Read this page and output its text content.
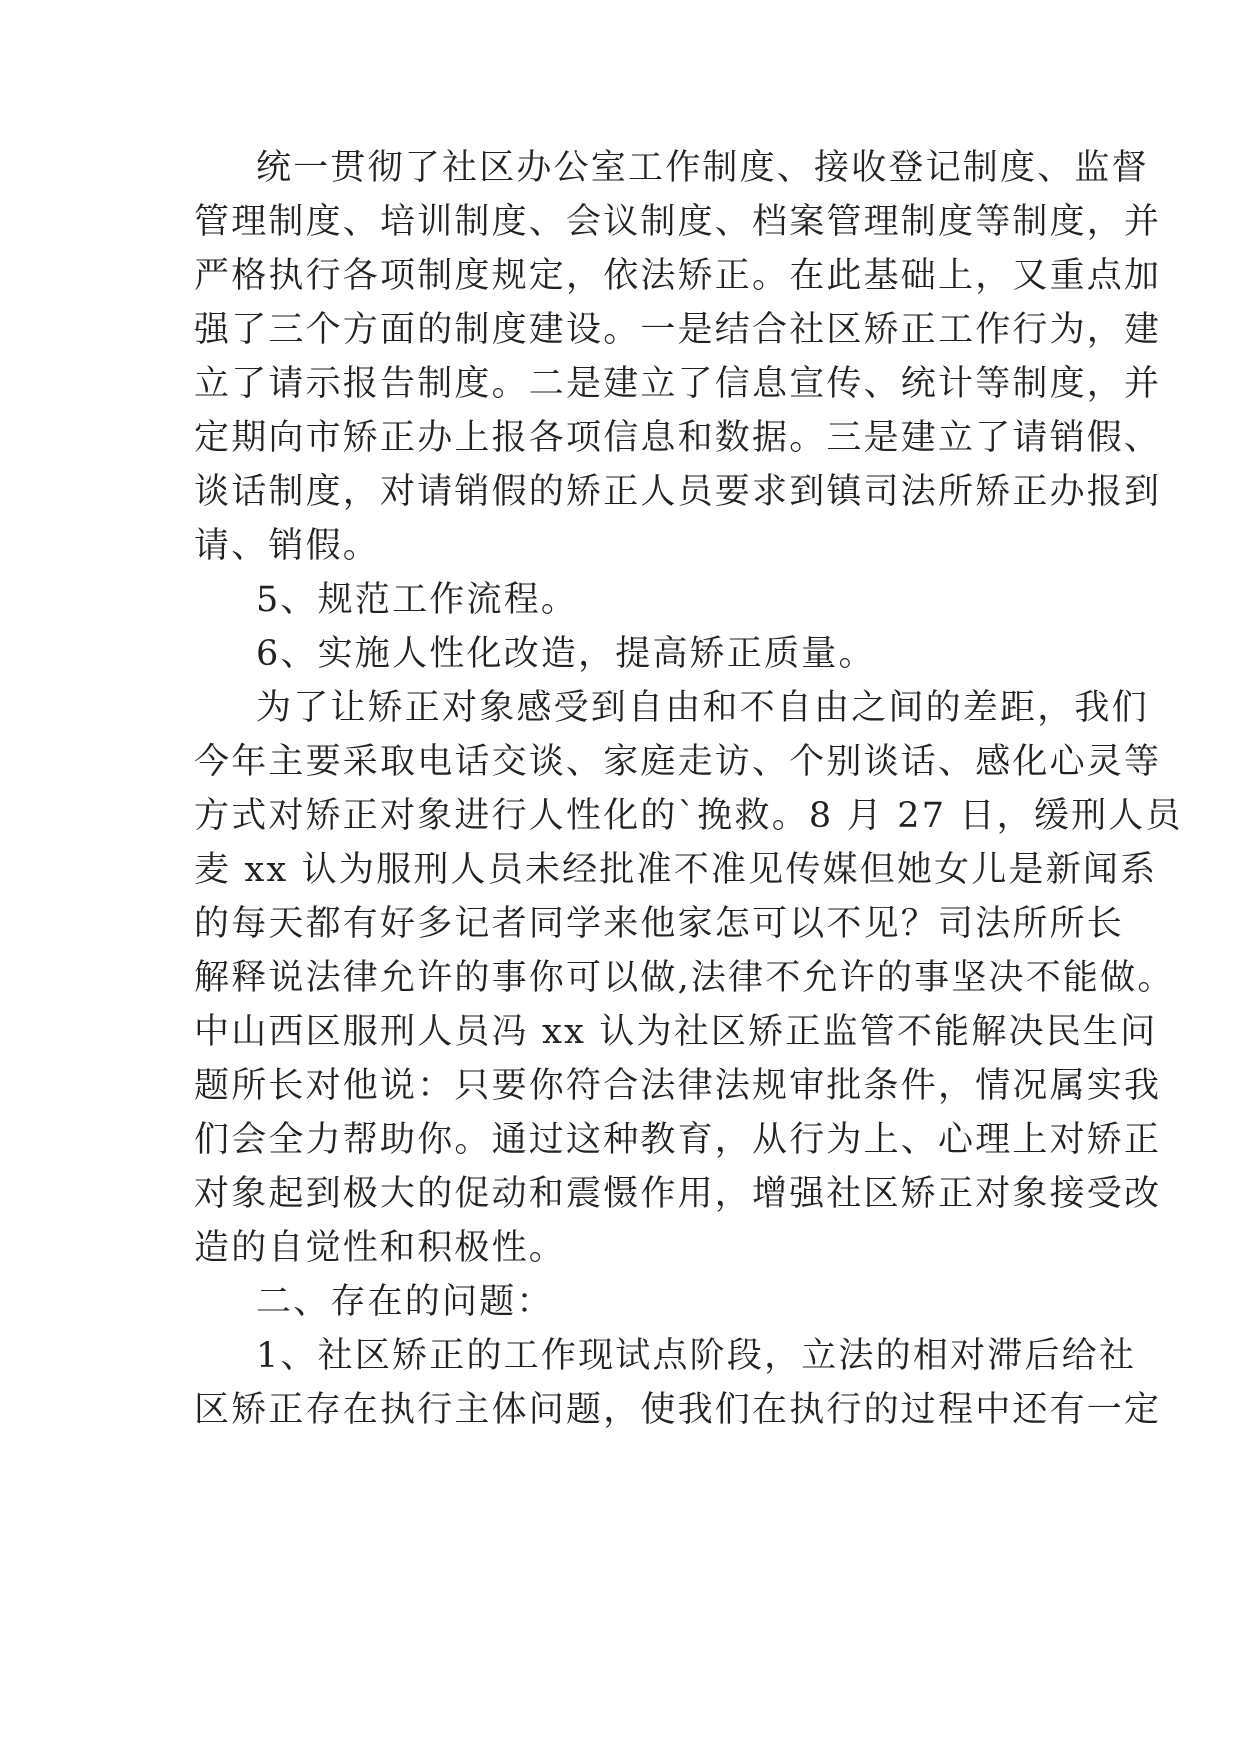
统一贯彻了社区办公室工作制度、接收登记制度、监督
管理制度、培训制度、会议制度、档案管理制度等制度，并
严格执行各项制度规定，依法矫正。在此基础上，又重点加
强了三个方面的制度建设。一是结合社区矫正工作行为，建
立了请示报告制度。二是建立了信息宣传、统计等制度，并
定期向市矫正办上报各项信息和数据。三是建立了请销假、
谈话制度，对请销假的矫正人员要求到镇司法所矫正办报到
请、销假。
5、规范工作流程。
6、实施人性化改造，提高矫正质量。
为了让矫正对象感受到自由和不自由之间的差距，我们
今年主要采取电话交谈、家庭走访、个别谈话、感化心灵等
方式对矫正对象进行人性化的`挽救。8 月 27 日，缓刑人员
麦 xx 认为服刑人员未经批准不准见传媒但她女儿是新闻系
的每天都有好多记者同学来他家怎可以不见？司法所所长
解释说法律允许的事你可以做,法律不允许的事坚决不能做。
中山西区服刑人员冯 xx 认为社区矫正监管不能解决民生问
题所长对他说：只要你符合法律法规审批条件，情况属实我
们会全力帮助你。通过这种教育，从行为上、心理上对矫正
对象起到极大的促动和震慑作用，增强社区矫正对象接受改
造的自觉性和积极性。
二、存在的问题：
1、社区矫正的工作现试点阶段，立法的相对滞后给社
区矫正存在执行主体问题，使我们在执行的过程中还有一定
